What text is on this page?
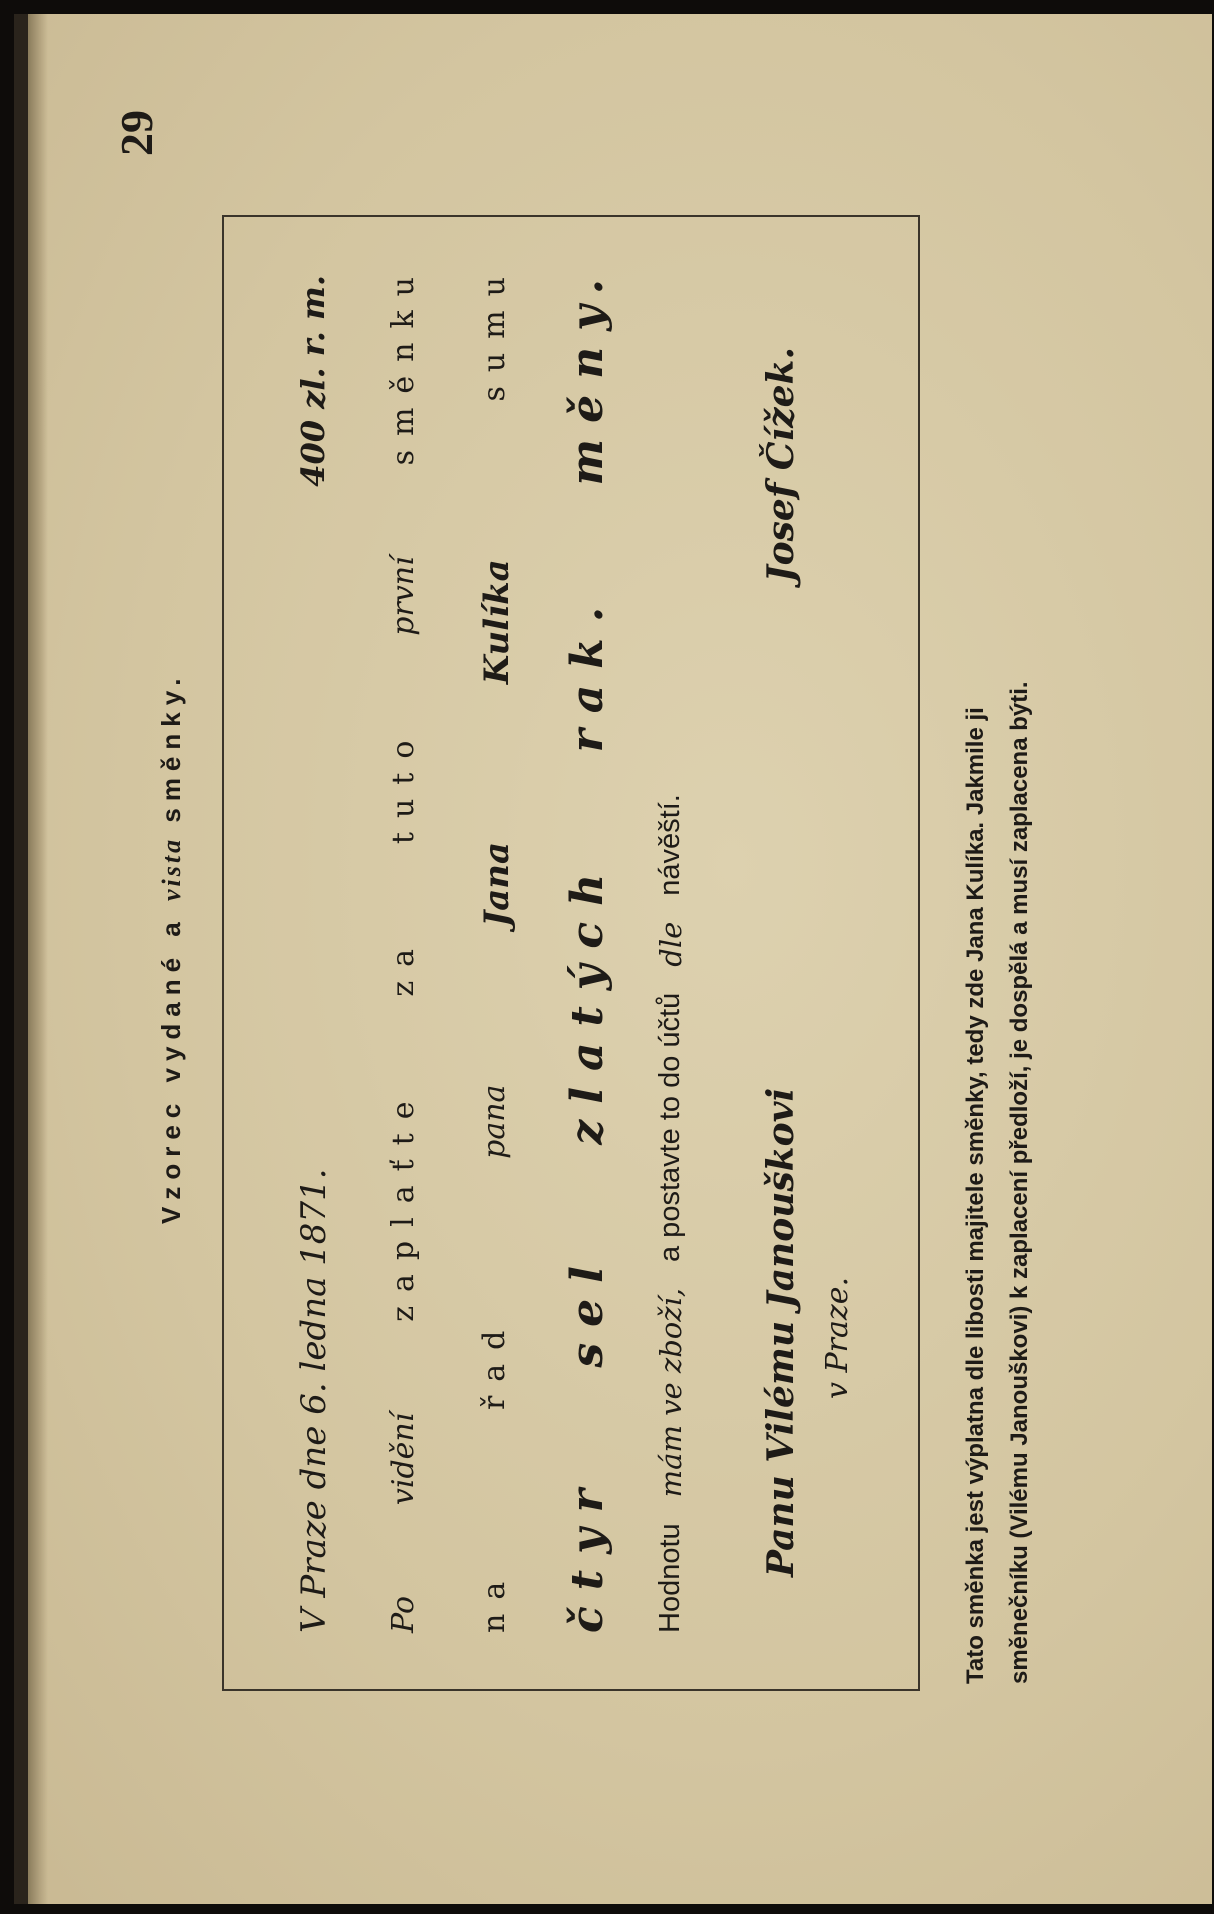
29
Vzorec vydané a vista směnky.
V Praze dne 6. ledna 1871.
400 zl. r. m.
Po
vidění
zaplaťte
za
tuto
první
směnku
na
řad
pana
Jana
Kulíka
sumu
čtyr
sel
zlatých
rak.
měny.
Hodnotu
mám ve zboží,
a postavte to do účtů
dle
návěští.
Panu Vilému Janouškovi
Josef Čížek.
v Praze.	Tato směnka jest výplatna dle libosti majitele směnky, tedy zde Jana Kulíka. Jakmile ji směnečníku (Vilému Janouškovi) k zaplacení předloží, je dospělá a musí zaplacena býti.
